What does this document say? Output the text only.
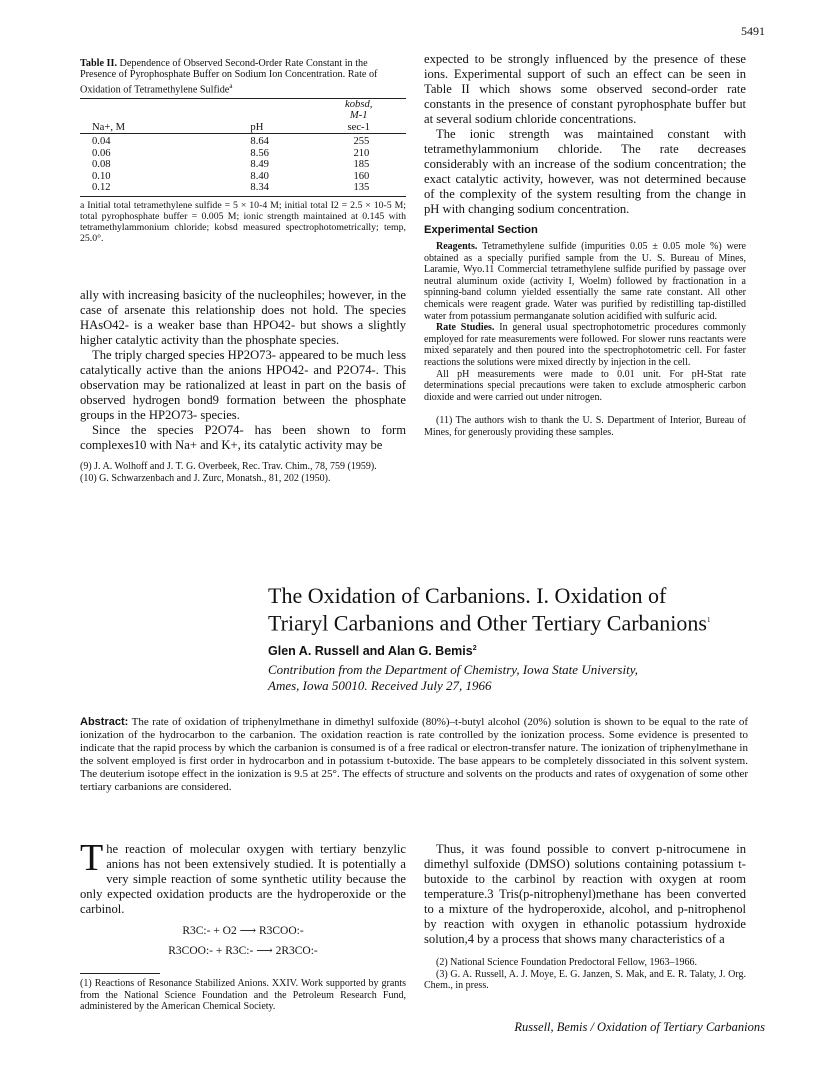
5491
Table II. Dependence of Observed Second-Order Rate Constant in the Presence of Pyrophosphate Buffer on Sodium Ion Concentration. Rate of Oxidation of Tetramethylene Sulfide$^a$
		kobsd,
		M-1
Na+, M	pH	sec-1
0.04	8.64	255
0.06	8.56	210
0.08	8.49	185
0.10	8.40	160
0.12	8.34	135
a Initial total tetramethylene sulfide = 5 × 10-4 M; initial total I2 = 2.5 × 10-5 M; total pyrophosphate buffer = 0.005 M; ionic strength maintained at 0.145 with tetramethylammonium chloride; kobsd measured spectrophotometrically; temp, 25.0°.

ally with increasing basicity of the nucleophiles; however, in the case of arsenate this relationship does not hold. The species HAsO42- is a weaker base than HPO42- but shows a slightly higher catalytic activity than the phosphate species.

The triply charged species HP2O73- appeared to be much less catalytically active than the anions HPO42- and P2O74-. This observation may be rationalized at least in part on the basis of observed hydrogen bond9 formation between the phosphate groups in the HP2O73- species.

Since the species P2O74- has been shown to form complexes10 with Na+ and K+, its catalytic activity may be

(9) J. A. Wolhoff and J. T. G. Overbeek, Rec. Trav. Chim., 78, 759 (1959).

(10) G. Schwarzenbach and J. Zurc, Monatsh., 81, 202 (1950).

expected to be strongly influenced by the presence of these ions. Experimental support of such an effect can be seen in Table II which shows some observed second-order rate constants in the presence of constant pyrophosphate buffer but at several sodium chloride concentrations.

The ionic strength was maintained constant with tetramethylammonium chloride. The rate decreases considerably with an increase of the sodium concentration; the exact catalytic activity, however, was not determined because of the complexity of the system resulting from the change in pH with changing sodium concentration.

Experimental Section

Reagents. Tetramethylene sulfide (impurities 0.05 ± 0.05 mole %) were obtained as a specially purified sample from the U. S. Bureau of Mines, Laramie, Wyo.11 Commercial tetramethylene sulfide purified by passage over neutral aluminum oxide (activity I, Woelm) followed by fractionation in a spinning-band column yielded essentially the same rate constant. All other chemicals were reagent grade. Water was purified by redistilling tap-distilled water from potassium permanganate solution acidified with sulfuric acid.

Rate Studies. In general usual spectrophotometric procedures commonly employed for rate measurements were followed. For slower runs reactants were mixed separately and then poured into the spectrophotometric cell. For faster reactions the solutions were mixed directly by injection in the cell.

All pH measurements were made to 0.01 unit. For pH-Stat rate determinations special precautions were taken to exclude atmospheric carbon dioxide and were carried out under nitrogen.

(11) The authors wish to thank the U. S. Department of Interior, Bureau of Mines, for generously providing these samples.

The Oxidation of Carbanions. I. Oxidation of
Triaryl Carbanions and Other Tertiary Carbanions$^1$
Glen A. Russell and Alan G. Bemis$^2$
Contribution from the Department of Chemistry, Iowa State University,
Ames, Iowa 50010. Received July 27, 1966
Abstract: The rate of oxidation of triphenylmethane in dimethyl sulfoxide (80%)–t-butyl alcohol (20%) solution is shown to be equal to the rate of ionization of the hydrocarbon to the carbanion. The oxidation reaction is rate controlled by the ionization process. Some evidence is presented to indicate that the rapid process by which the carbanion is consumed is of a free radical or electron-transfer nature. The ionization of triphenylmethane in the solvent employed is first order in hydrocarbon and in potassium t-butoxide. The base appears to be completely dissociated in this solvent system. The deuterium isotope effect in the ionization is 9.5 at 25°. The effects of structure and solvents on the products and rates of oxygenation of some other tertiary carbanions are considered.

The reaction of molecular oxygen with tertiary benzylic anions has not been extensively studied. It is potentially a very simple reaction of some synthetic utility because the only expected oxidation products are the hydroperoxide or the carbinol.

R3C:- + O2 ⟶ R3COO:-
R3COO:- + R3C:- ⟶ 2R3CO:-
(1) Reactions of Resonance Stabilized Anions. XXIV. Work supported by grants from the National Science Foundation and the Petroleum Research Fund, administered by the American Chemical Society.

Thus, it was found possible to convert p-nitrocumene in dimethyl sulfoxide (DMSO) solutions containing potassium t-butoxide to the carbinol by reaction with oxygen at room temperature.3 Tris(p-nitrophenyl)methane has been converted to a mixture of the hydroperoxide, alcohol, and p-nitrophenol by reaction with oxygen in ethanolic potassium hydroxide solution,4 by a process that shows many characteristics of a

(2) National Science Foundation Predoctoral Fellow, 1963–1966.

(3) G. A. Russell, A. J. Moye, E. G. Janzen, S. Mak, and E. R. Talaty, J. Org. Chem., in press.

Russell, Bemis / Oxidation of Tertiary Carbanions
